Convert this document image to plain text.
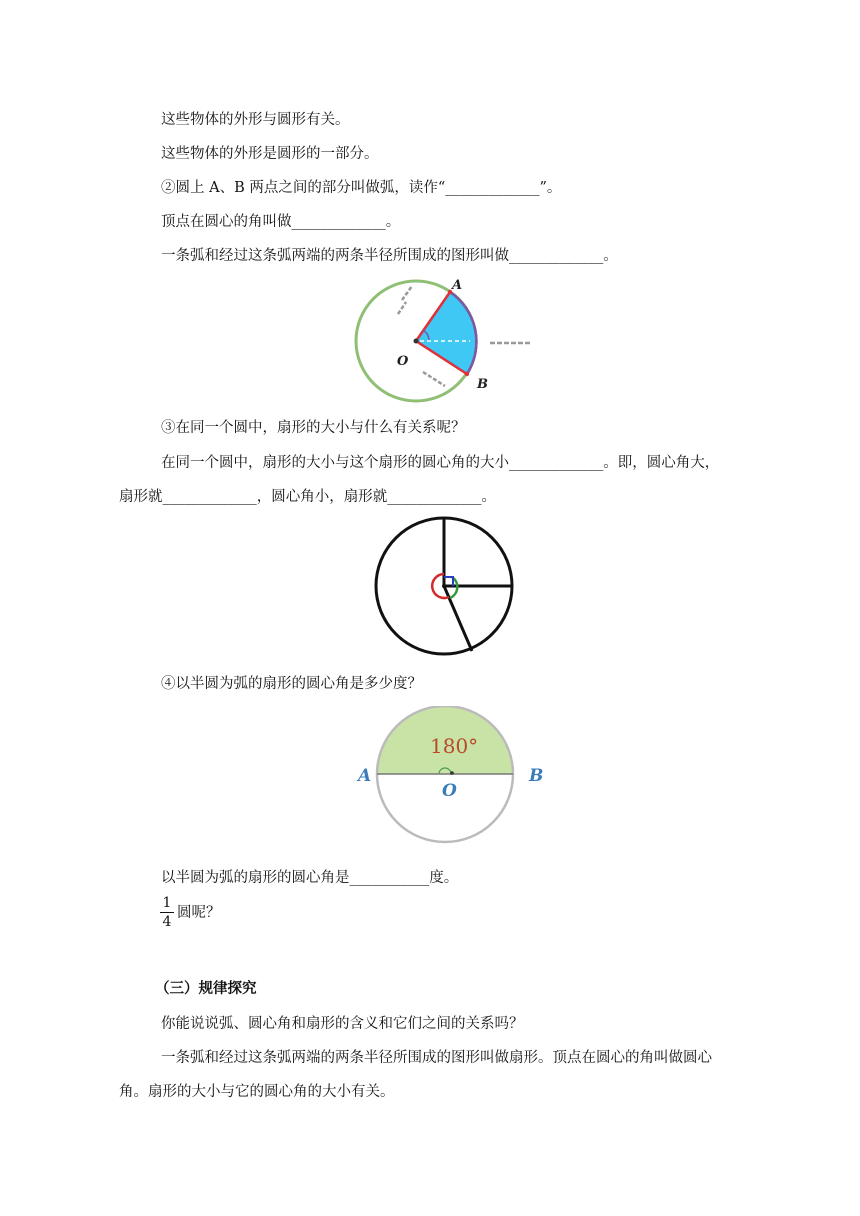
这些物体的外形与圆形有关。
这些物体的外形是圆形的一部分。
②圆上 A、B 两点之间的部分叫做弧，读作“_____________”。
顶点在圆心的角叫做_____________。
一条弧和经过这条弧两端的两条半径所围成的图形叫做_____________。
A
B
O
③在同一个圆中，扇形的大小与什么有关系呢？
在同一个圆中，扇形的大小与这个扇形的圆心角的大小_____________。即，圆心角大，
扇形就_____________，圆心角小，扇形就_____________。
④以半圆为弧的扇形的圆心角是多少度？
180°
A	B
O
以半圆为弧的扇形的圆心角是___________度。
1
4
圆呢？
（三）规律探究
你能说说弧、圆心角和扇形的含义和它们之间的关系吗？
一条弧和经过这条弧两端的两条半径所围成的图形叫做扇形。顶点在圆心的角叫做圆心
角。扇形的大小与它的圆心角的大小有关。
